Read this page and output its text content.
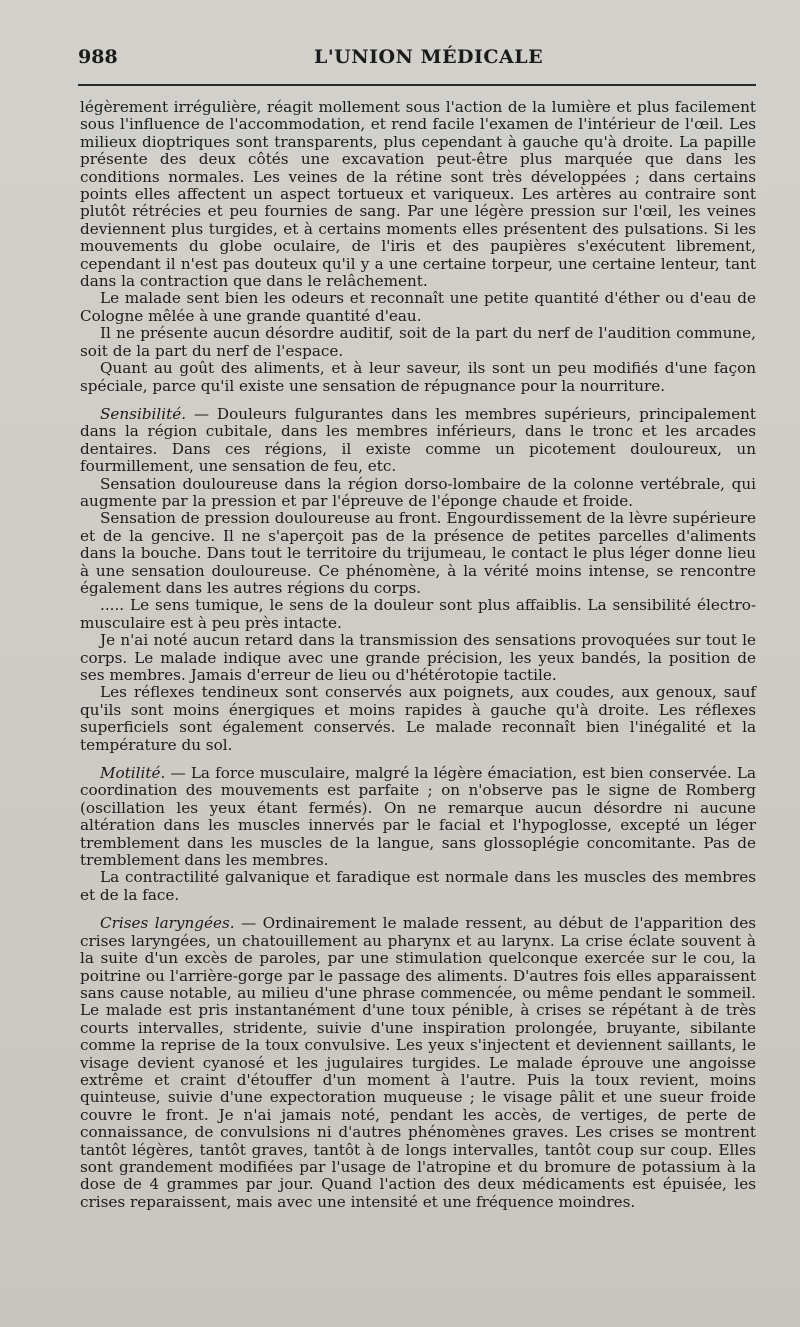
988	L'UNION MÉDICALE

légèrement irrégulière, réagit mollement sous l'action de la lumière et plus facilement sous l'influence de l'accommodation, et rend facile l'examen de l'intérieur de l'œil. Les milieux dioptriques sont transparents, plus cependant à gauche qu'à droite. La papille présente des deux côtés une excavation peut-être plus marquée que dans les conditions normales. Les veines de la rétine sont très développées ; dans certains points elles affectent un aspect tortueux et variqueux. Les artères au contraire sont plutôt rétrécies et peu fournies de sang. Par une légère pression sur l'œil, les veines deviennent plus turgides, et à certains moments elles présentent des pulsations. Si les mouvements du globe oculaire, de l'iris et des paupières s'exécutent librement, cependant il n'est pas douteux qu'il y a une certaine torpeur, une certaine lenteur, tant dans la contraction que dans le relâchement.

Le malade sent bien les odeurs et reconnaît une petite quantité d'éther ou d'eau de Cologne mêlée à une grande quantité d'eau.

Il ne présente aucun désordre auditif, soit de la part du nerf de l'audition commune, soit de la part du nerf de l'espace.

Quant au goût des aliments, et à leur saveur, ils sont un peu modifiés d'une façon spéciale, parce qu'il existe une sensation de répugnance pour la nourriture.

Sensibilité. — Douleurs fulgurantes dans les membres supérieurs, principalement dans la région cubitale, dans les membres inférieurs, dans le tronc et les arcades dentaires. Dans ces régions, il existe comme un picotement douloureux, un fourmillement, une sensation de feu, etc.

Sensation douloureuse dans la région dorso-lombaire de la colonne vertébrale, qui augmente par la pression et par l'épreuve de l'éponge chaude et froide.

Sensation de pression douloureuse au front. Engourdissement de la lèvre supérieure et de la gencive. Il ne s'aperçoit pas de la présence de petites parcelles d'aliments dans la bouche. Dans tout le territoire du trijumeau, le contact le plus léger donne lieu à une sensation douloureuse. Ce phénomène, à la vérité moins intense, se rencontre également dans les autres régions du corps.

..... Le sens tumique, le sens de la douleur sont plus affaiblis. La sensibilité électro-musculaire est à peu près intacte.

Je n'ai noté aucun retard dans la transmission des sensations provoquées sur tout le corps. Le malade indique avec une grande précision, les yeux bandés, la position de ses membres. Jamais d'erreur de lieu ou d'hétérotopie tactile.

Les réflexes tendineux sont conservés aux poignets, aux coudes, aux genoux, sauf qu'ils sont moins énergiques et moins rapides à gauche qu'à droite. Les réflexes superficiels sont également conservés. Le malade reconnaît bien l'inégalité et la température du sol.

Motilité. — La force musculaire, malgré la légère émaciation, est bien conservée. La coordination des mouvements est parfaite ; on n'observe pas le signe de Romberg (oscillation les yeux étant fermés). On ne remarque aucun désordre ni aucune altération dans les muscles innervés par le facial et l'hypoglosse, excepté un léger tremblement dans les muscles de la langue, sans glossoplégie concomitante. Pas de tremblement dans les membres.

La contractilité galvanique et faradique est normale dans les muscles des membres et de la face.

Crises laryngées. — Ordinairement le malade ressent, au début de l'apparition des crises laryngées, un chatouillement au pharynx et au larynx. La crise éclate souvent à la suite d'un excès de paroles, par une stimulation quelconque exercée sur le cou, la poitrine ou l'arrière-gorge par le passage des aliments. D'autres fois elles apparaissent sans cause notable, au milieu d'une phrase commencée, ou même pendant le sommeil. Le malade est pris instantanément d'une toux pénible, à crises se répétant à de très courts intervalles, stridente, suivie d'une inspiration prolongée, bruyante, sibilante comme la reprise de la toux convulsive. Les yeux s'injectent et deviennent saillants, le visage devient cyanosé et les jugulaires turgides. Le malade éprouve une angoisse extrême et craint d'étouffer d'un moment à l'autre. Puis la toux revient, moins quinteuse, suivie d'une expectoration muqueuse ; le visage pâlit et une sueur froide couvre le front. Je n'ai jamais noté, pendant les accès, de vertiges, de perte de connaissance, de convulsions ni d'autres phénomènes graves. Les crises se montrent tantôt légères, tantôt graves, tantôt à de longs intervalles, tantôt coup sur coup. Elles sont grandement modifiées par l'usage de l'atropine et du bromure de potassium à la dose de 4 grammes par jour. Quand l'action des deux médicaments est épuisée, les crises reparaissent, mais avec une intensité et une fréquence moindres.
